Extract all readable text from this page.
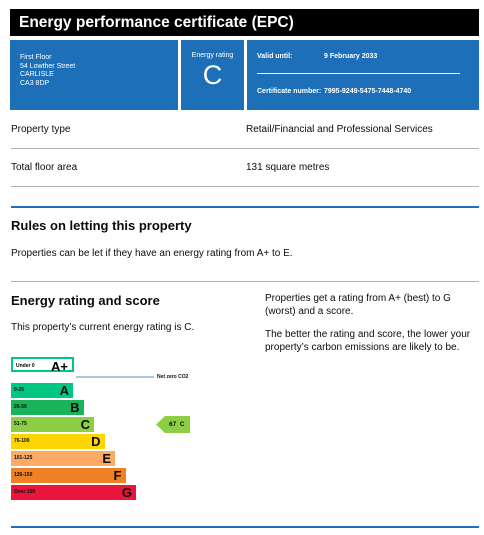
Energy performance certificate (EPC)
First Floor
54 Lowther Street
CARLISLE
CA3 8DP
Energy rating
C
Valid until:	9 February 2033
Certificate number: 7995-9249-5475-7448-4740
Property type	Retail/Financial and Professional Services
Total floor area	131 square metres
Rules on letting this property
Properties can be let if they have an energy rating from A+ to E.
Energy rating and score
This property’s current energy rating is C.
Properties get a rating from A+ (best) to G (worst) and a score.
The better the rating and score, the lower your property’s carbon emissions are likely to be.
Under 0 A+
Net zero CO2
0-25	A
26-50	B
51-75	C
76-100	D
101-125	E
126-150	F
Over 150	G
67  C
